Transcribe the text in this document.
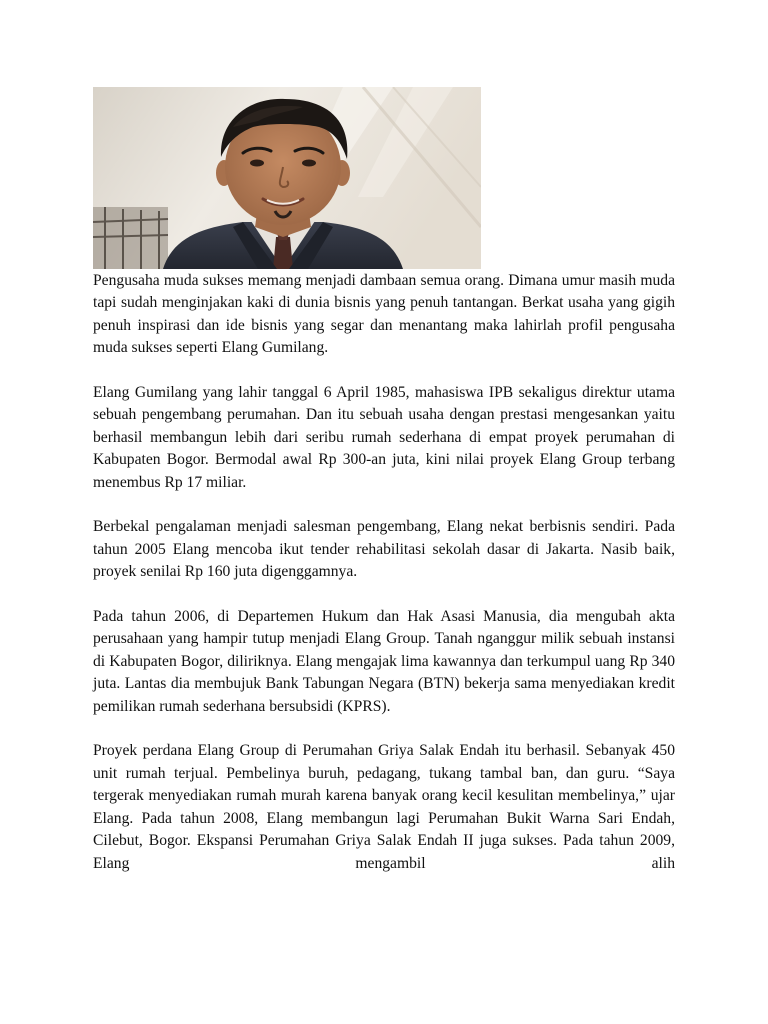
Pengusaha muda sukses memang menjadi dambaan semua orang. Dimana umur masih muda tapi sudah menginjakan kaki di dunia bisnis yang penuh tantangan. Berkat usaha yang gigih penuh inspirasi dan ide bisnis yang segar dan menantang maka lahirlah profil pengusaha muda sukses seperti Elang Gumilang.

Elang Gumilang yang lahir tanggal 6 April 1985, mahasiswa IPB sekaligus direktur utama sebuah pengembang perumahan. Dan itu sebuah usaha dengan prestasi mengesankan yaitu berhasil membangun lebih dari seribu rumah sederhana di empat proyek perumahan di Kabupaten Bogor. Bermodal awal Rp 300-an juta, kini nilai proyek Elang Group terbang menembus Rp 17 miliar.

Berbekal pengalaman menjadi salesman pengembang, Elang nekat berbisnis sendiri. Pada tahun 2005 Elang mencoba ikut tender rehabilitasi sekolah dasar di Jakarta. Nasib baik, proyek senilai Rp 160 juta digenggamnya.

Pada tahun 2006, di Departemen Hukum dan Hak Asasi Manusia, dia mengubah akta perusahaan yang hampir tutup menjadi Elang Group. Tanah nganggur milik sebuah instansi di Kabupaten Bogor, diliriknya. Elang mengajak lima kawannya dan terkumpul uang Rp 340 juta. Lantas dia membujuk Bank Tabungan Negara (BTN) bekerja sama menyediakan kredit pemilikan rumah sederhana bersubsidi (KPRS).

Proyek perdana Elang Group di Perumahan Griya Salak Endah itu berhasil. Sebanyak 450 unit rumah terjual. Pembelinya buruh, pedagang, tukang tambal ban, dan guru. “Saya tergerak menyediakan rumah murah karena banyak orang kecil kesulitan membelinya,” ujar Elang. Pada tahun 2008, Elang membangun lagi Perumahan Bukit Warna Sari Endah, Cilebut, Bogor. Ekspansi Perumahan Griya Salak Endah II juga sukses. Pada tahun 2009, Elang mengambil alih
